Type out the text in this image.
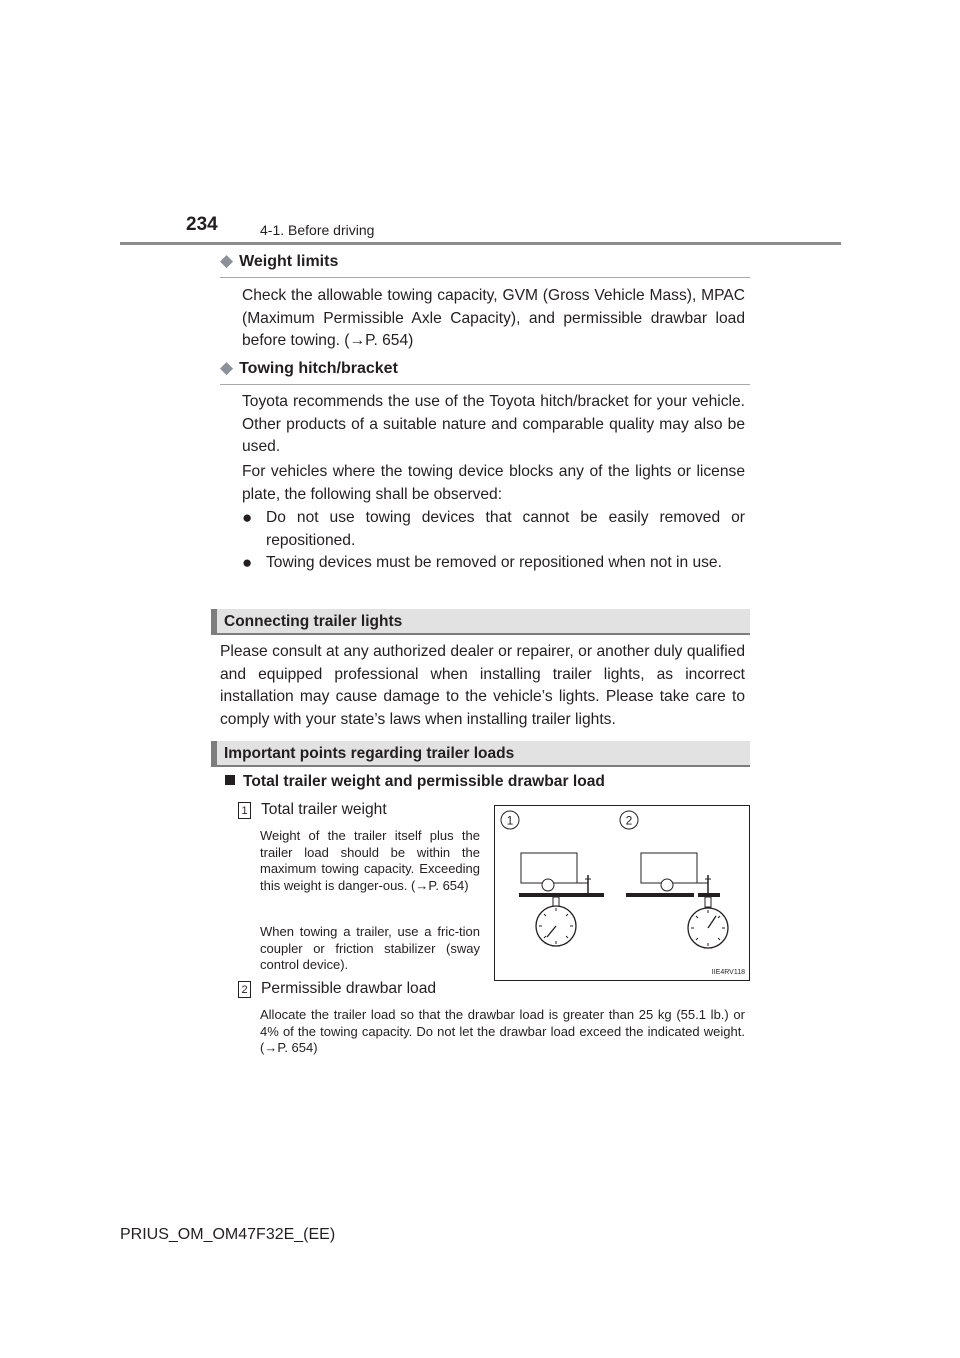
234	4-1. Before driving
◆ Weight limits
Check the allowable towing capacity, GVM (Gross Vehicle Mass), MPAC (Maximum Permissible Axle Capacity), and permissible drawbar load before towing. (→P. 654)
◆ Towing hitch/bracket
Toyota recommends the use of the Toyota hitch/bracket for your vehicle. Other products of a suitable nature and comparable quality may also be used.
For vehicles where the towing device blocks any of the lights or license plate, the following shall be observed:
● Do not use towing devices that cannot be easily removed or repositioned.
● Towing devices must be removed or repositioned when not in use.
Connecting trailer lights
Please consult at any authorized dealer or repairer, or another duly qualified and equipped professional when installing trailer lights, as incorrect installation may cause damage to the vehicle’s lights. Please take care to comply with your state’s laws when installing trailer lights.
Important points regarding trailer loads
Total trailer weight and permissible drawbar load
1 Total trailer weight
Weight of the trailer itself plus the trailer load should be within the maximum towing capacity. Exceeding this weight is danger-ous. (→P. 654)
When towing a trailer, use a fric-tion coupler or friction stabilizer (sway control device).
1	2
IIE4RV118
2 Permissible drawbar load
Allocate the trailer load so that the drawbar load is greater than 25 kg (55.1 lb.) or 4% of the towing capacity. Do not let the drawbar load exceed the indicated weight. (→P. 654)
PRIUS_OM_OM47F32E_(EE)
